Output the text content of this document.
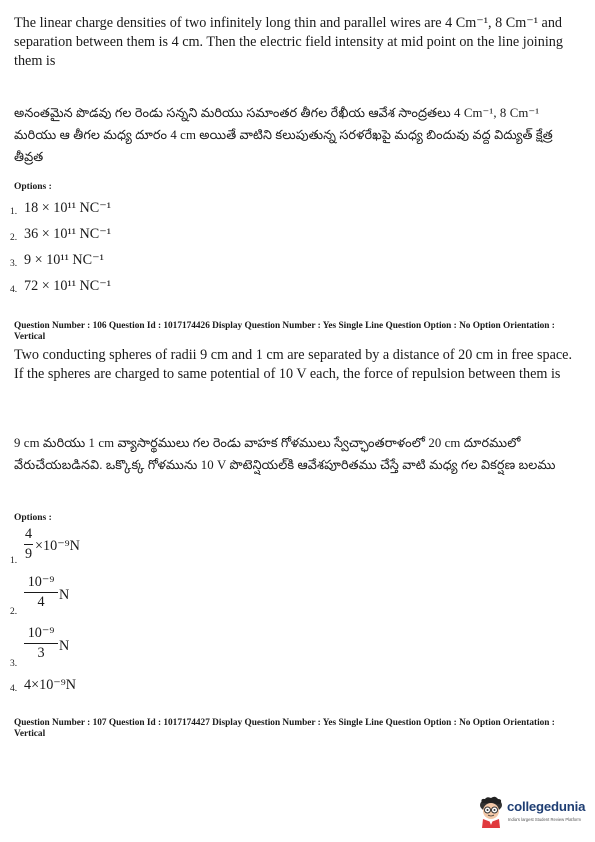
The linear charge densities of two infinitely long thin and parallel wires are 4 Cm⁻¹, 8 Cm⁻¹ and separation between them is 4 cm. Then the electric field intensity at mid point on the line joining them is
అనంతమైన పొడవు గల రెండు సన్నని మరియు సమాంతర తీగల రేఖీయ ఆవేశ సాంద్రతలు 4 Cm⁻¹, 8 Cm⁻¹ మరియు ఆ తీగల మధ్య దూరం 4 cm అయితే వాటిని కలుపుతున్న సరళరేఖపై మధ్య బిందువు వద్ద విద్యుత్ క్షేత్ర తీవ్రత
Options :
1. 18 × 10¹¹ NC⁻¹
2. 36 × 10¹¹ NC⁻¹
3. 9 × 10¹¹ NC⁻¹
4. 72 × 10¹¹ NC⁻¹
Question Number : 106 Question Id : 1017174426 Display Question Number : Yes Single Line Question Option : No Option Orientation : Vertical
Two conducting spheres of radii 9 cm and 1 cm are separated by a distance of 20 cm in free space. If the spheres are charged to same potential of 10 V each, the force of repulsion between them is
9 cm మరియు 1 cm వ్యాసార్థములు గల రెండు వాహక గోళములు స్వేచ్ఛాంతరాళంలో 20 cm దూరములో వేరుచేయబడినవి. ఒక్కొక్క గోళమును 10 V పొటెన్షియల్‌కి ఆవేశపూరితము చేస్తే వాటి మధ్య గల వికర్షణ బలము
Options :
1. $\frac{4}{9} \times 10^{-9}N$
2.
$\frac{\text{10⁻⁹}}{4}$ N
3.
$\frac{\text{10⁻⁹}}{3}$ N
4. 4×10⁻⁹N
Question Number : 107 Question Id : 1017174427 Display Question Number : Yes Single Line Question Option : No Option Orientation : Vertical
collegedunia
India's largest Student Review Platform
